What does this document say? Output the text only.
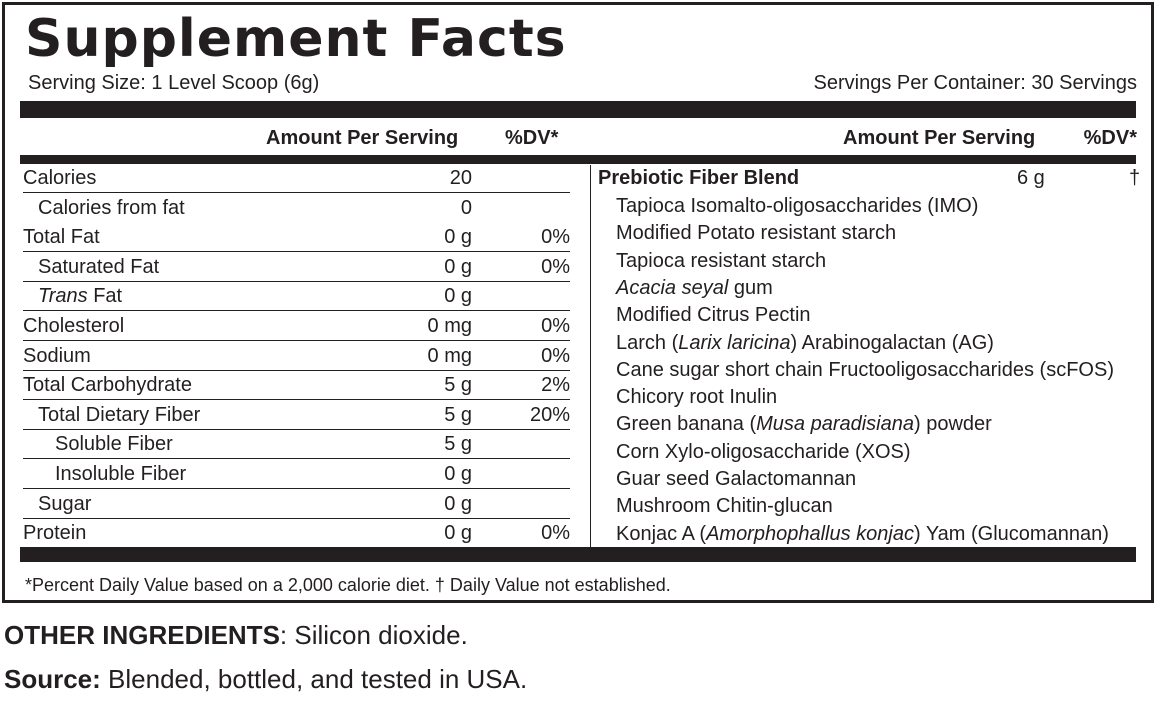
Supplement Facts
Serving Size: 1 Level Scoop (6g)	Servings Per Container: 30 Servings
Amount Per Serving %DV*	Amount Per Serving %DV*
Calories	20
Calories from fat	0
Total Fat	0 g	0%
Saturated Fat	0 g	0%
Trans Fat	0 g
Cholesterol	0 mg	0%
Sodium	0 mg	0%
Total Carbohydrate	5 g	2%
Total Dietary Fiber	5 g	20%
Soluble Fiber	5 g
Insoluble Fiber	0 g
Sugar	0 g
Protein	0 g	0%
Prebiotic Fiber Blend	6 g	†
Tapioca Isomalto-oligosaccharides (IMO)
Modified Potato resistant starch
Tapioca resistant starch
Acacia seyal gum
Modified Citrus Pectin
Larch (Larix laricina) Arabinogalactan (AG)
Cane sugar short chain Fructooligosaccharides (scFOS)
Chicory root Inulin
Green banana (Musa paradisiana) powder
Corn Xylo-oligosaccharide (XOS)
Guar seed Galactomannan
Mushroom Chitin-glucan
Konjac A (Amorphophallus konjac) Yam (Glucomannan)
*Percent Daily Value based on a 2,000 calorie diet. † Daily Value not established.
OTHER INGREDIENTS: Silicon dioxide.
Source: Blended, bottled, and tested in USA.
